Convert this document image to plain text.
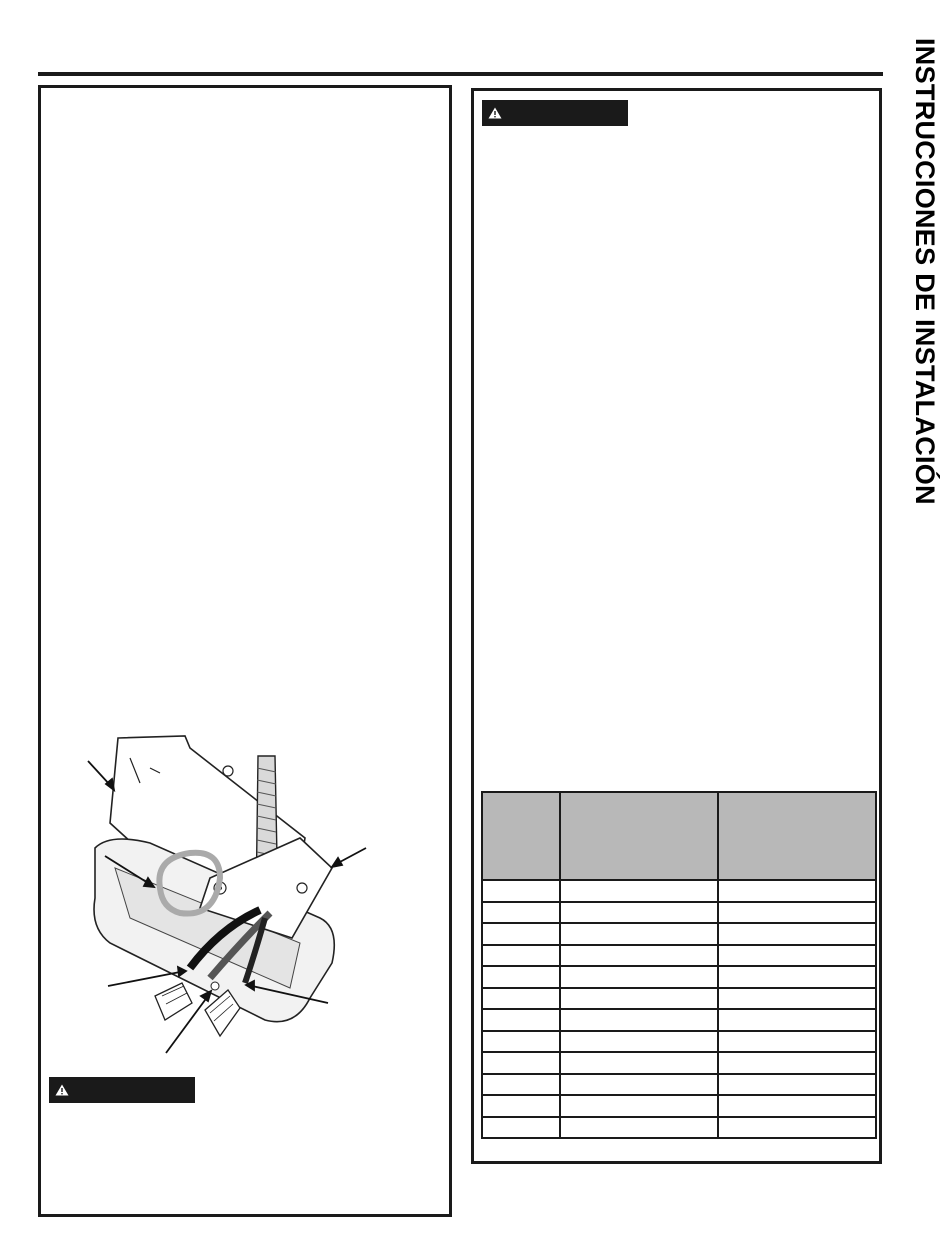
INSTRUCCIONES DE INSTALACIÓN
